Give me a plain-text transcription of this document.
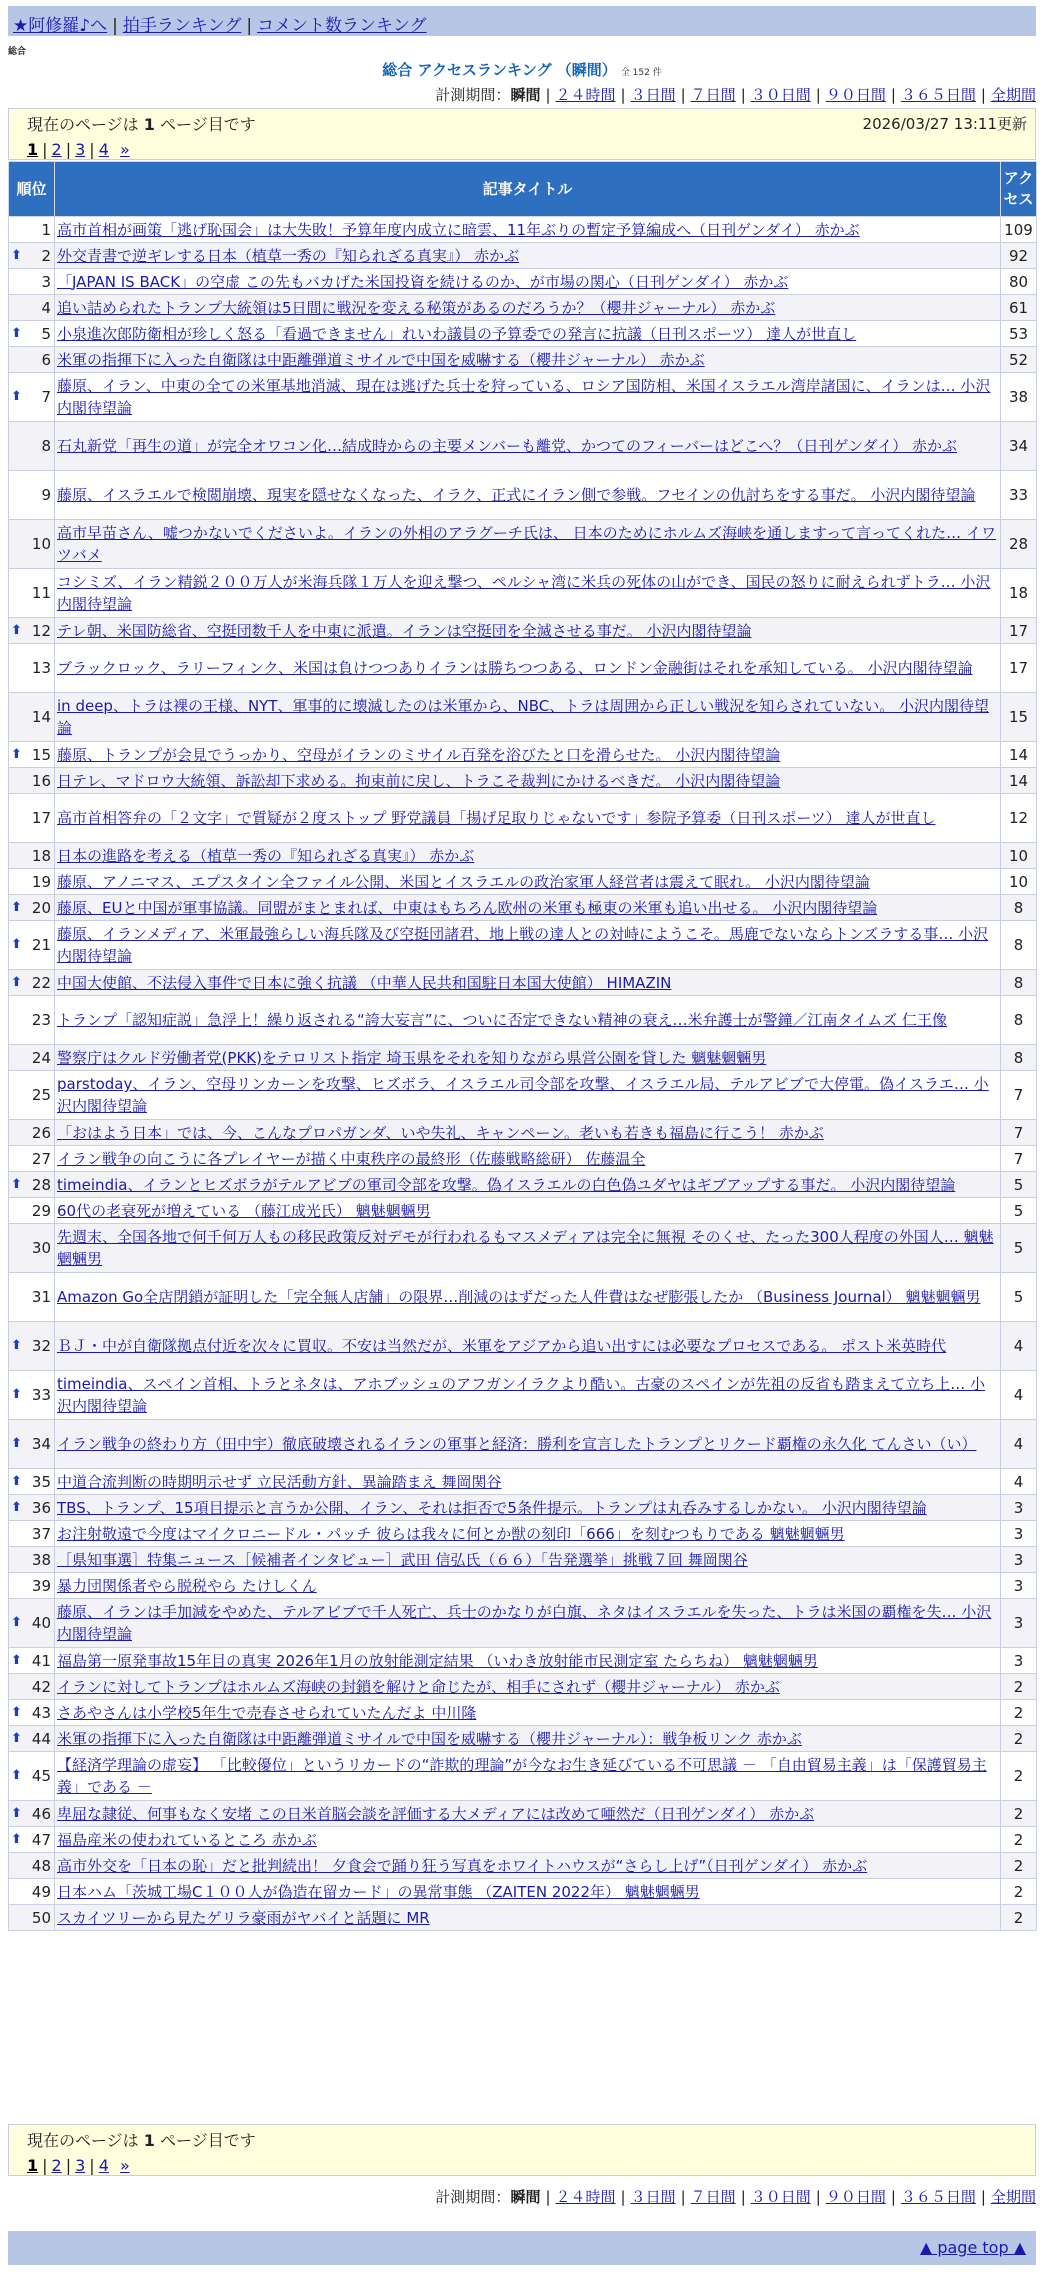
★阿修羅♪へ | 拍手ランキング | コメント数ランキング
総合
総合 アクセスランキング （瞬間） 全 152 件
計測期間：瞬間 | ２４時間 | ３日間 | ７日間 | ３０日間 | ９０日間 | ３６５日間 | 全期間
現在のページは 1 ページ目です	2026/03/27 13:11更新
1 | 2 | 3 | 4 »
順位	記事タイトル	アクセス
1	高市首相が画策「逃げ恥国会」は大失敗！予算年度内成立に暗雲、11年ぶりの暫定予算編成へ（日刊ゲンダイ） 赤かぶ	109

⬆ 2	外交青書で逆ギレする日本（植草一秀の『知られざる真実』） 赤かぶ	92
3	「JAPAN IS BACK」の空虚 この先もバカげた米国投資を続けるのか、が市場の関心（日刊ゲンダイ） 赤かぶ	80
4	追い詰められたトランプ大統領は5日間に戦況を変える秘策があるのだろうか？（櫻井ジャーナル） 赤かぶ	61

⬆ 5	小泉進次郎防衛相が珍しく怒る「看過できません」れいわ議員の予算委での発言に抗議（日刊スポーツ） 達人が世直し	53
6	米軍の指揮下に入った自衛隊は中距離弾道ミサイルで中国を威嚇する（櫻井ジャーナル） 赤かぶ	52

⬆ 7	藤原、イラン、中東の全ての米軍基地消滅、現在は逃げた兵士を狩っている、ロシア国防相、米国イスラエル湾岸諸国に、イランは… 小沢内閣待望論	38
8	石丸新党「再生の道」が完全オワコン化…結成時からの主要メンバーも離党、かつてのフィーバーはどこへ？（日刊ゲンダイ） 赤かぶ	34
9	藤原、イスラエルで検閲崩壊、現実を隠せなくなった、イラク、正式にイラン側で参戦。フセインの仇討ちをする事だ。 小沢内閣待望論	33
10	高市早苗さん、嘘つかないでくださいよ。イランの外相のアラグーチ氏は、 日本のためにホルムズ海峡を通しますって言ってくれた… イワツバメ	28
11	コシミズ、イラン精鋭２００万人が米海兵隊１万人を迎え撃つ、ペルシャ湾に米兵の死体の山ができ、国民の怒りに耐えられずトラ… 小沢内閣待望論	18

⬆ 12	テレ朝、米国防総省、空挺団数千人を中東に派遣。イランは空挺団を全滅させる事だ。 小沢内閣待望論	17
13	ブラックロック、ラリーフィンク、米国は負けつつありイランは勝ちつつある、ロンドン金融街はそれを承知している。 小沢内閣待望論	17
14	in deep、トラは裸の王様、NYT、軍事的に壊滅したのは米軍から、NBC、トラは周囲から正しい戦況を知らされていない。 小沢内閣待望論	15

⬆ 15	藤原、トランプが会見でうっかり、空母がイランのミサイル百発を浴びたと口を滑らせた。 小沢内閣待望論	14
16	日テレ、マドロウ大統領、訴訟却下求める。拘束前に戻し、トラこそ裁判にかけるべきだ。 小沢内閣待望論	14
17	高市首相答弁の「２文字」で質疑が２度ストップ 野党議員「揚げ足取りじゃないです」参院予算委（日刊スポーツ） 達人が世直し	12
18	日本の進路を考える（植草一秀の『知られざる真実』） 赤かぶ	10
19	藤原、アノニマス、エプスタイン全ファイル公開、米国とイスラエルの政治家軍人経営者は震えて眠れ。 小沢内閣待望論	10

⬆ 20	藤原、EUと中国が軍事協議。同盟がまとまれば、中東はもちろん欧州の米軍も極東の米軍も追い出せる。 小沢内閣待望論	8

⬆ 21	藤原、イランメディア、米軍最強らしい海兵隊及び空挺団諸君、地上戦の達人との対峙にようこそ。馬鹿でないならトンズラする事… 小沢内閣待望論	8

⬆ 22	中国大使館、不法侵入事件で日本に強く抗議 （中華人民共和国駐日本国大使館） HIMAZIN	8
23	トランプ「認知症説」急浮上！繰り返される“誇大妄言”に、ついに否定できない精神の衰え…米弁護士が警鐘／江南タイムズ 仁王像	8
24	警察庁はクルド労働者党(PKK)をテロリスト指定 埼玉県をそれを知りながら県営公園を貸した 魑魅魍魎男	8
25	parstoday、イラン、空母リンカーンを攻撃、ヒズボラ、イスラエル司令部を攻撃、イスラエル局、テルアビブで大停電。偽イスラエ… 小沢内閣待望論	7
26	「おはよう日本」では、今、こんなプロパガンダ、いや失礼、キャンペーン。老いも若きも福島に行こう！ 赤かぶ	7
27	イラン戦争の向こうに各プレイヤーが描く中東秩序の最終形（佐藤戦略総研） 佐藤温全	7

⬆ 28	timeindia、イランとヒズボラがテルアビブの軍司令部を攻撃。偽イスラエルの白色偽ユダヤはギブアップする事だ。 小沢内閣待望論	5
29	60代の老衰死が増えている （藤江成光氏） 魑魅魍魎男	5
30	先週末、全国各地で何千何万人もの移民政策反対デモが行われるもマスメディアは完全に無視 そのくせ、たった300人程度の外国人… 魑魅魍魎男	5
31	Amazon Go全店閉鎖が証明した「完全無人店舗」の限界…削減のはずだった人件費はなぜ膨張したか （Business Journal） 魑魅魍魎男	5

⬆ 32	ＢＪ・中が自衛隊拠点付近を次々に買収。不安は当然だが、米軍をアジアから追い出すには必要なプロセスである。 ポスト米英時代	4

⬆ 33	timeindia、スペイン首相、トラとネタは、アホブッシュのアフガンイラクより酷い。古豪のスペインが先祖の反省も踏まえて立ち上… 小沢内閣待望論	4

⬆ 34	イラン戦争の終わり方（田中宇）徹底破壊されるイランの軍事と経済：勝利を宣言したトランプとリクード覇権の永久化 てんさい（い）	4

⬆ 35	中道合流判断の時期明示せず 立民活動方針、異論踏まえ 舞岡関谷	4

⬆ 36	TBS、トランプ、15項目提示と言うか公開、イラン、それは拒否で5条件提示。トランプは丸呑みするしかない。 小沢内閣待望論	3
37	お注射敬遠で今度はマイクロニードル・パッチ 彼らは我々に何とか獣の刻印「666」を刻むつもりである 魑魅魍魎男	3
38	［県知事選］特集ニュース［候補者インタビュー］武田 信弘氏（６６）「告発選挙」挑戦７回 舞岡関谷	3
39	暴力団関係者やら脱税やら たけしくん	3

⬆ 40	藤原、イランは手加減をやめた、テルアビブで千人死亡、兵士のかなりが白旗、ネタはイスラエルを失った、トラは米国の覇権を失… 小沢内閣待望論	3

⬆ 41	福島第一原発事故15年目の真実 2026年1月の放射能測定結果 （いわき放射能市民測定室 たらちね） 魑魅魍魎男	3
42	イランに対してトランプはホルムズ海峡の封鎖を解けと命じたが、相手にされず（櫻井ジャーナル） 赤かぶ	2

⬆ 43	さあやさんは小学校5年生で売春させられていたんだよ 中川隆	2

⬆ 44	米軍の指揮下に入った自衛隊は中距離弾道ミサイルで中国を威嚇する（櫻井ジャーナル）：戦争板リンク 赤かぶ	2

⬆ 45	【経済学理論の虚妄】 「比較優位」というリカードの“詐欺的理論”が今なお生き延びている不可思議 － 「自由貿易主義」は「保護貿易主義」である －	2

⬆ 46	卑屈な隷従、何事もなく安堵 この日米首脳会談を評価する大メディアには改めて唖然だ（日刊ゲンダイ） 赤かぶ	2

⬆ 47	福島産米の使われているところ 赤かぶ	2
48	高市外交を「日本の恥」だと批判続出！ 夕食会で踊り狂う写真をホワイトハウスが“さらし上げ”（日刊ゲンダイ） 赤かぶ	2
49	日本ハム「茨城工場C１００人が偽造在留カード」の異常事態 （ZAITEN 2022年） 魑魅魍魎男	2
50	スカイツリーから見たゲリラ豪雨がヤバイと話題に MR	2
現在のページは 1 ページ目です
1 | 2 | 3 | 4 »
計測期間：瞬間 | ２４時間 | ３日間 | ７日間 | ３０日間 | ９０日間 | ３６５日間 | 全期間
▲ page top ▲
